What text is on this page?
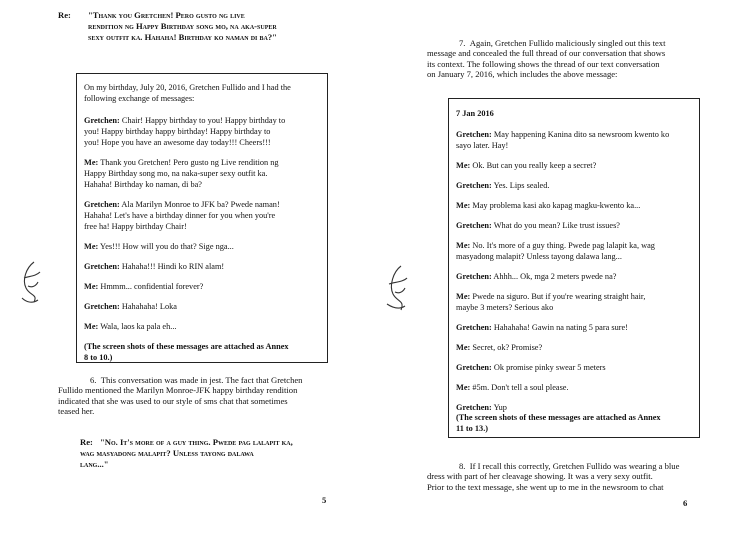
Re: "Thank you Gretchen! Pero gusto ng live
rendition ng Happy Birthday song mo, na aka-super
sexy outfit ka. Hahaha! Birthday ko naman di ba?"

On my birthday, July 20, 2016, Gretchen Fullido and I had the

following exchange of messages:

Gretchen: Chair! Happy birthday to you! Happy birthday to

you! Happy birthday happy birthday! Happy birthday to

you! Hope you have an awesome day today!!! Cheers!!!

Me: Thank you Gretchen! Pero gusto ng Live rendition ng

Happy Birthday song mo, na naka-super sexy outfit ka.

Hahaha! Birthday ko naman, di ba?

Gretchen: Ala Marilyn Monroe to JFK ba? Pwede naman!

Hahaha! Let's have a birthday dinner for you when you're

free ha! Happy birthday Chair!

Me: Yes!!! How will you do that? Sige nga...

Gretchen: Hahaha!!! Hindi ko RIN alam!

Me: Hmmm... confidential forever?

Gretchen: Hahahaha! Loka

Me: Wala, laos ka pala eh...

(The screen shots of these messages are attached as Annex

8 to 10.)

6. This conversation was made in jest. The fact that Gretchen
Fullido mentioned the Marilyn Monroe-JFK happy birthday rendition
indicated that she was used to our style of sms chat that sometimes
teased her.
Re: "No. It's more of a guy thing. Pwede pag lalapit ka,
wag masyadong malapit? Unless tayong dalawa
lang..."
5
7. Again, Gretchen Fullido maliciously singled out this text
message and concealed the full thread of our conversation that shows
its context. The following shows the thread of our text conversation
on January 7, 2016, which includes the above message:

7 Jan 2016

Gretchen: May happening Kanina dito sa newsroom kwento ko

sayo later. Hay!

Me: Ok. But can you really keep a secret?

Gretchen: Yes. Lips sealed.

Me: May problema kasi ako kapag magku-kwento ka...

Gretchen: What do you mean? Like trust issues?

Me: No. It's more of a guy thing. Pwede pag lalapit ka, wag

masyadong malapit? Unless tayong dalawa lang...

Gretchen: Ahhh... Ok, mga 2 meters pwede na?

Me: Pwede na siguro. But if you're wearing straight hair,

maybe 3 meters? Serious ako

Gretchen: Hahahaha! Gawin na nating 5 para sure!

Me: Secret, ok? Promise?

Gretchen: Ok promise pinky swear 5 meters

Me: #5m. Don't tell a soul please.

Gretchen: Yup

(The screen shots of these messages are attached as Annex

11 to 13.)

8. If I recall this correctly, Gretchen Fullido was wearing a blue
dress with part of her cleavage showing. It was a very sexy outfit.
Prior to the text message, she went up to me in the newsroom to chat
6
